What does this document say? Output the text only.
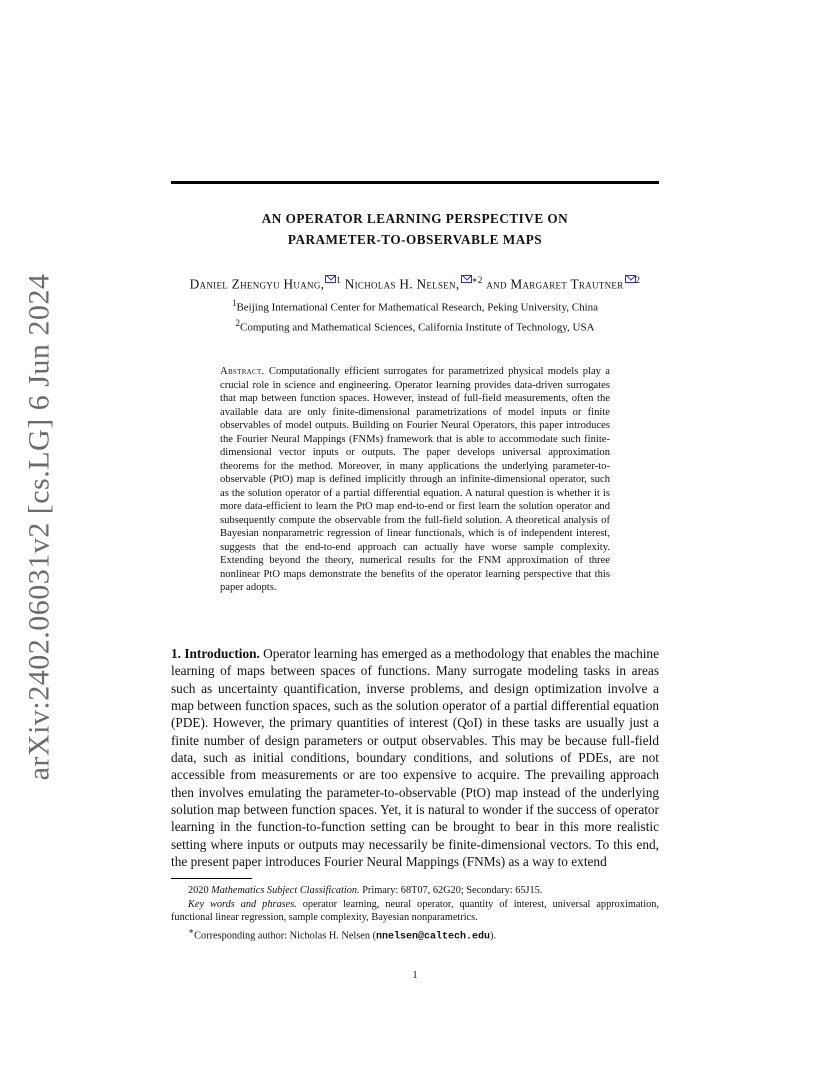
arXiv:2402.06031v2 [cs.LG] 6 Jun 2024
AN OPERATOR LEARNING PERSPECTIVE ON
PARAMETER-TO-OBSERVABLE MAPS
Daniel Zhengyu Huang, $^1$ Nicholas H. Nelsen, $^{∗2}$ and Margaret Trautner $^2$
$^1$Beijing International Center for Mathematical Research, Peking University, China
$^2$Computing and Mathematical Sciences, California Institute of Technology, USA
Abstract. Computationally efficient surrogates for parametrized physical models play a crucial role in science and engineering. Operator learning provides data-driven surrogates that map between function spaces. However, instead of full-field measurements, often the available data are only finite-dimensional parametrizations of model inputs or finite observables of model outputs. Building on Fourier Neural Operators, this paper introduces the Fourier Neural Mappings (FNMs) framework that is able to accommodate such finite-dimensional vector inputs or outputs. The paper develops universal approximation theorems for the method. Moreover, in many applications the underlying parameter-to-observable (PtO) map is defined implicitly through an infinite-dimensional operator, such as the solution operator of a partial differential equation. A natural question is whether it is more data-efficient to learn the PtO map end-to-end or first learn the solution operator and subsequently compute the observable from the full-field solution. A theoretical analysis of Bayesian nonparametric regression of linear functionals, which is of independent interest, suggests that the end-to-end approach can actually have worse sample complexity. Extending beyond the theory, numerical results for the FNM approximation of three nonlinear PtO maps demonstrate the benefits of the operator learning perspective that this paper adopts.
1. Introduction. Operator learning has emerged as a methodology that enables the machine learning of maps between spaces of functions. Many surrogate modeling tasks in areas such as uncertainty quantification, inverse problems, and design optimization involve a map between function spaces, such as the solution operator of a partial differential equation (PDE). However, the primary quantities of interest (QoI) in these tasks are usually just a finite number of design parameters or output observables. This may be because full-field data, such as initial conditions, boundary conditions, and solutions of PDEs, are not accessible from measurements or are too expensive to acquire. The prevailing approach then involves emulating the parameter-to-observable (PtO) map instead of the underlying solution map between function spaces. Yet, it is natural to wonder if the success of operator learning in the function-to-function setting can be brought to bear in this more realistic setting where inputs or outputs may necessarily be finite-dimensional vectors. To this end, the present paper introduces Fourier Neural Mappings (FNMs) as a way to extend

2020 Mathematics Subject Classification. Primary: 68T07, 62G20; Secondary: 65J15.

Key words and phrases. operator learning, neural operator, quantity of interest, universal approximation, functional linear regression, sample complexity, Bayesian nonparametrics.

∗Corresponding author: Nicholas H. Nelsen (nnelsen@caltech.edu).

1
